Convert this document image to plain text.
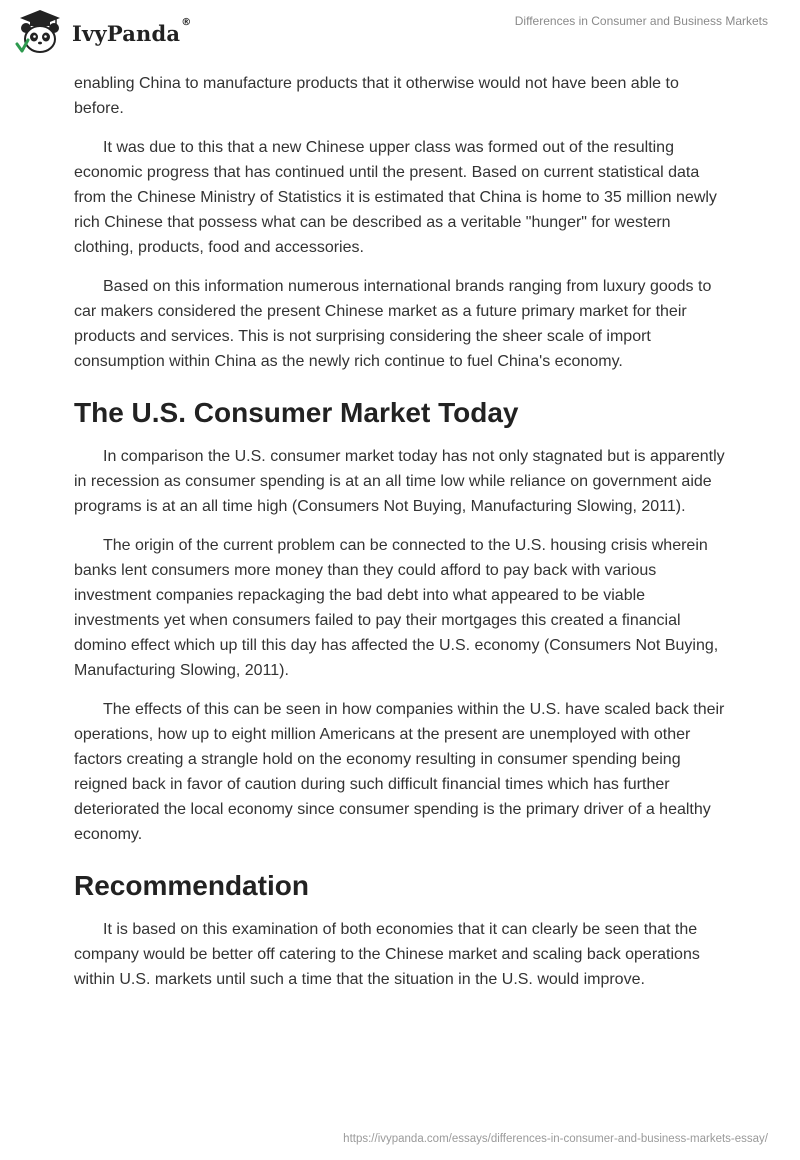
IvyPanda®	Differences in Consumer and Business Markets

enabling China to manufacture products that it otherwise would not have been able to before.

It was due to this that a new Chinese upper class was formed out of the resulting economic progress that has continued until the present. Based on current statistical data from the Chinese Ministry of Statistics it is estimated that China is home to 35 million newly rich Chinese that possess what can be described as a veritable "hunger" for western clothing, products, food and accessories.

Based on this information numerous international brands ranging from luxury goods to car makers considered the present Chinese market as a future primary market for their products and services. This is not surprising considering the sheer scale of import consumption within China as the newly rich continue to fuel China's economy.

The U.S. Consumer Market Today

In comparison the U.S. consumer market today has not only stagnated but is apparently in recession as consumer spending is at an all time low while reliance on government aide programs is at an all time high (Consumers Not Buying, Manufacturing Slowing, 2011).

The origin of the current problem can be connected to the U.S. housing crisis wherein banks lent consumers more money than they could afford to pay back with various investment companies repackaging the bad debt into what appeared to be viable investments yet when consumers failed to pay their mortgages this created a financial domino effect which up till this day has affected the U.S. economy (Consumers Not Buying, Manufacturing Slowing, 2011).

The effects of this can be seen in how companies within the U.S. have scaled back their operations, how up to eight million Americans at the present are unemployed with other factors creating a strangle hold on the economy resulting in consumer spending being reigned back in favor of caution during such difficult financial times which has further deteriorated the local economy since consumer spending is the primary driver of a healthy economy.

Recommendation

It is based on this examination of both economies that it can clearly be seen that the company would be better off catering to the Chinese market and scaling back operations within U.S. markets until such a time that the situation in the U.S. would improve.

https://ivypanda.com/essays/differences-in-consumer-and-business-markets-essay/
